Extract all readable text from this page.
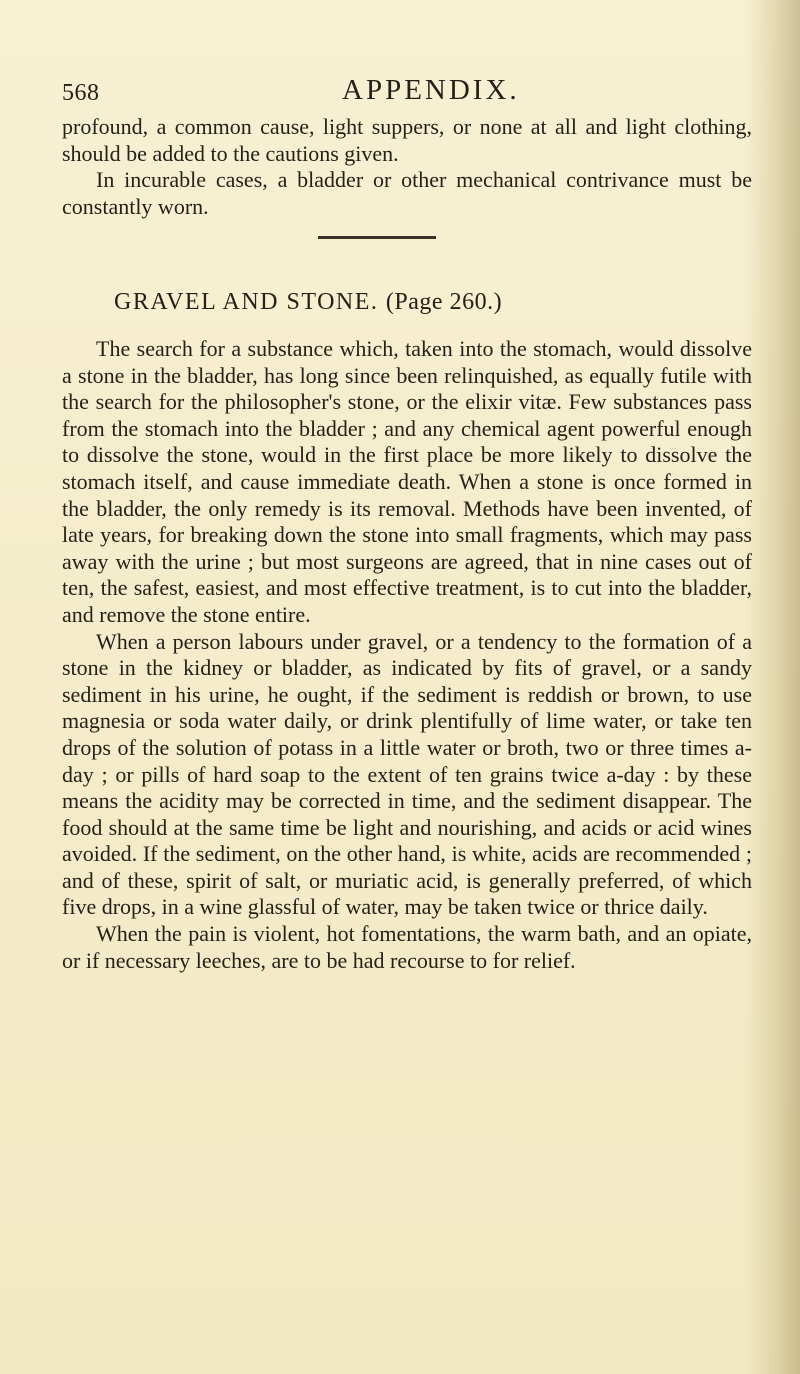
568	APPENDIX.

profound, a common cause, light suppers, or none at all and light clothing, should be added to the cautions given.

In incurable cases, a bladder or other mechanical contrivance must be constantly worn.

GRAVEL AND STONE. (Page 260.)

The search for a substance which, taken into the stomach, would dissolve a stone in the bladder, has long since been relinquished, as equally futile with the search for the philosopher's stone, or the elixir vitæ. Few substances pass from the stomach into the bladder ; and any chemical agent powerful enough to dissolve the stone, would in the first place be more likely to dissolve the stomach itself, and cause immediate death. When a stone is once formed in the bladder, the only remedy is its removal. Methods have been invented, of late years, for breaking down the stone into small fragments, which may pass away with the urine ; but most surgeons are agreed, that in nine cases out of ten, the safest, easiest, and most effective treatment, is to cut into the bladder, and remove the stone entire.

When a person labours under gravel, or a tendency to the formation of a stone in the kidney or bladder, as indicated by fits of gravel, or a sandy sediment in his urine, he ought, if the sediment is reddish or brown, to use magnesia or soda water daily, or drink plentifully of lime water, or take ten drops of the solution of potass in a little water or broth, two or three times a-day ; or pills of hard soap to the extent of ten grains twice a-day : by these means the acidity may be corrected in time, and the sediment disappear. The food should at the same time be light and nourishing, and acids or acid wines avoided. If the sediment, on the other hand, is white, acids are recommended ; and of these, spirit of salt, or muriatic acid, is generally preferred, of which five drops, in a wine glassful of water, may be taken twice or thrice daily.

When the pain is violent, hot fomentations, the warm bath, and an opiate, or if necessary leeches, are to be had recourse to for relief.
